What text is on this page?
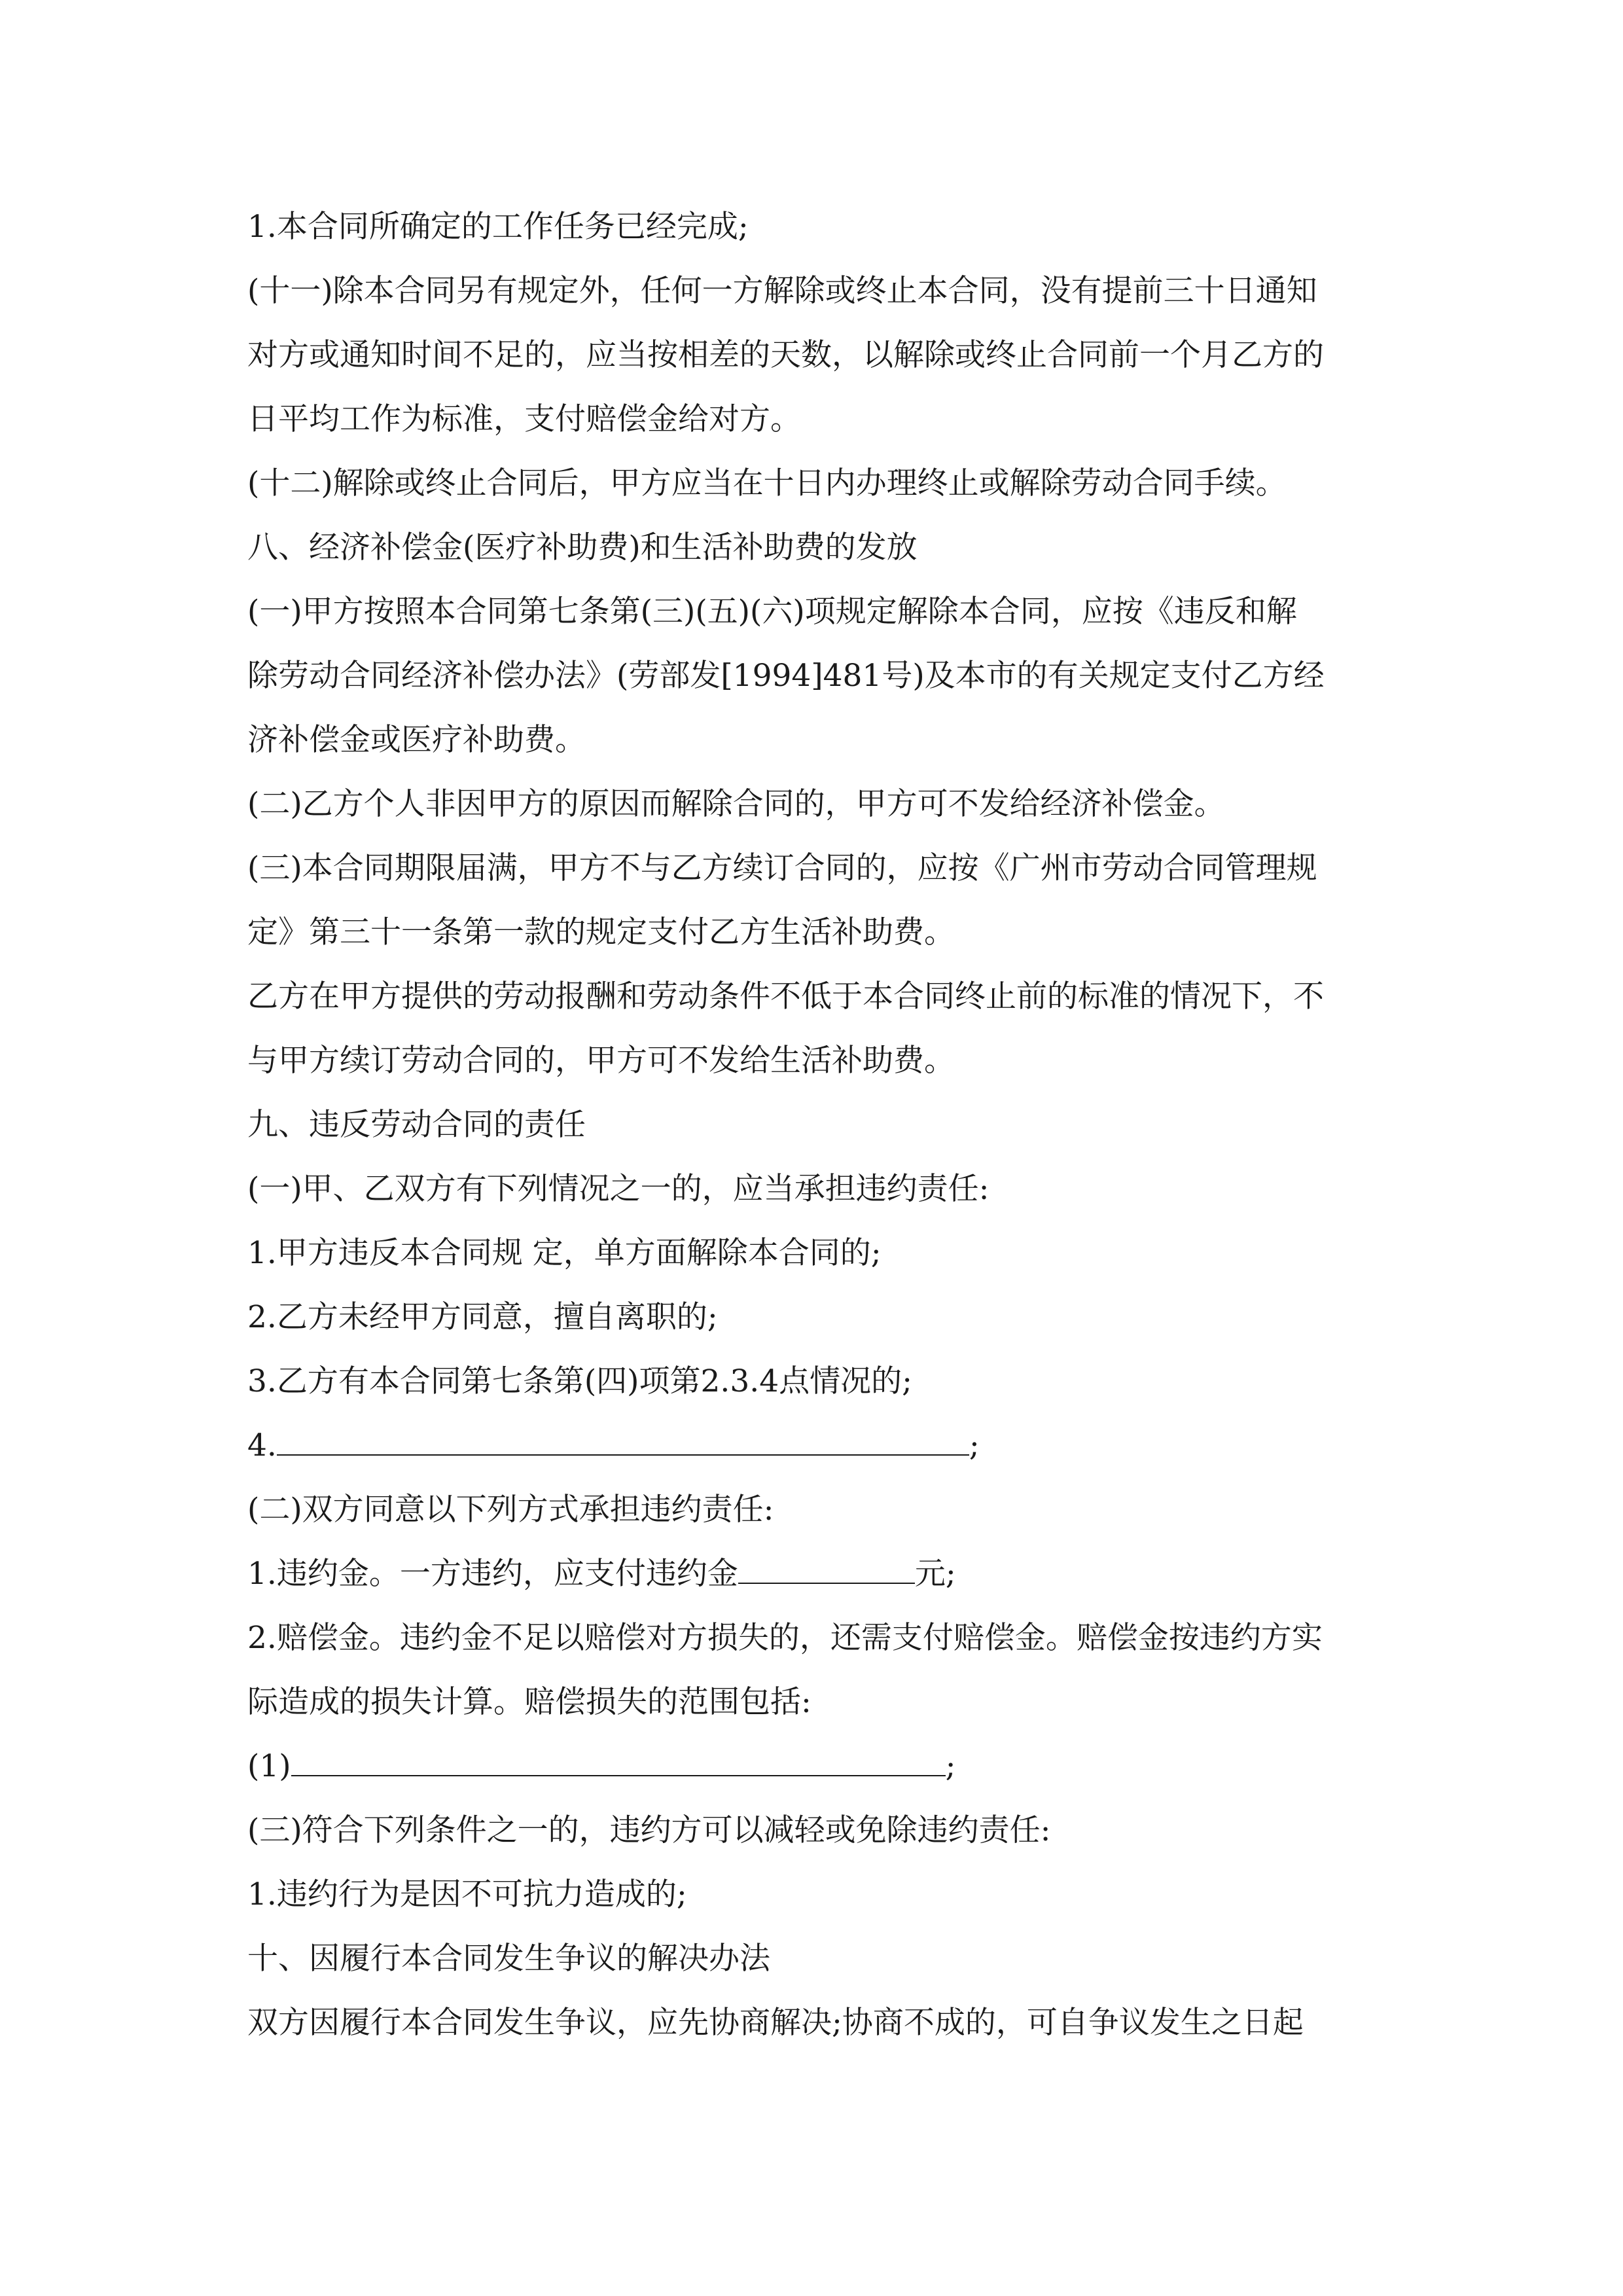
1.本合同所确定的工作任务已经完成;
(十一)除本合同另有规定外，任何一方解除或终止本合同，没有提前三十日通知
对方或通知时间不足的，应当按相差的天数，以解除或终止合同前一个月乙方的
日平均工作为标准，支付赔偿金给对方。
(十二)解除或终止合同后，甲方应当在十日内办理终止或解除劳动合同手续。
八、经济补偿金(医疗补助费)和生活补助费的发放
(一)甲方按照本合同第七条第(三)(五)(六)项规定解除本合同，应按《违反和解
除劳动合同经济补偿办法》(劳部发[1994]481号)及本市的有关规定支付乙方经
济补偿金或医疗补助费。
(二)乙方个人非因甲方的原因而解除合同的，甲方可不发给经济补偿金。
(三)本合同期限届满，甲方不与乙方续订合同的，应按《广州市劳动合同管理规
定》第三十一条第一款的规定支付乙方生活补助费。
乙方在甲方提供的劳动报酬和劳动条件不低于本合同终止前的标准的情况下，不
与甲方续订劳动合同的，甲方可不发给生活补助费。
九、违反劳动合同的责任
(一)甲、乙双方有下列情况之一的，应当承担违约责任:
1.甲方违反本合同规 定，单方面解除本合同的;
2.乙方未经甲方同意，擅自离职的;
3.乙方有本合同第七条第(四)项第2.3.4点情况的;
4.	;
(二)双方同意以下列方式承担违约责任:
1.违约金。一方违约，应支付违约金	元;
2.赔偿金。违约金不足以赔偿对方损失的，还需支付赔偿金。赔偿金按违约方实
际造成的损失计算。赔偿损失的范围包括:
(1)	;
(三)符合下列条件之一的，违约方可以减轻或免除违约责任:
1.违约行为是因不可抗力造成的;
十、因履行本合同发生争议的解决办法
双方因履行本合同发生争议，应先协商解决;协商不成的，可自争议发生之日起
